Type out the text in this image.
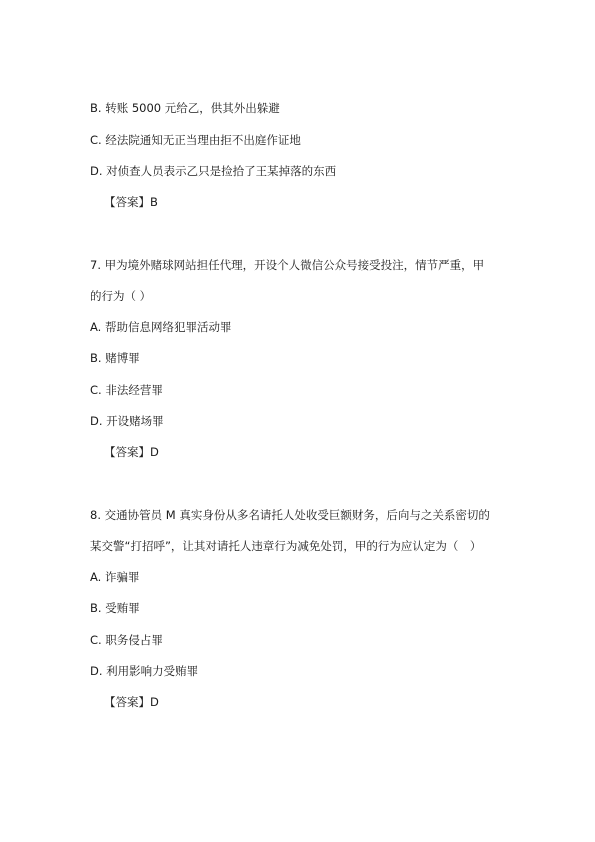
B. 转账 5000 元给乙，供其外出躲避
C. 经法院通知无正当理由拒不出庭作证地
D. 对侦查人员表示乙只是捡拾了王某掉落的东西
【答案】B
7. 甲为境外赌球网站担任代理，开设个人微信公众号接受投注，情节严重，甲
的行为（ ）
A. 帮助信息网络犯罪活动罪
B. 赌博罪
C. 非法经营罪
D. 开设赌场罪
【答案】D
8. 交通协管员 M 真实身份从多名请托人处收受巨额财务，后向与之关系密切的
某交警“打招呼”，让其对请托人违章行为减免处罚，甲的行为应认定为（　）
A. 诈骗罪
B. 受贿罪
C. 职务侵占罪
D. 利用影响力受贿罪
【答案】D
